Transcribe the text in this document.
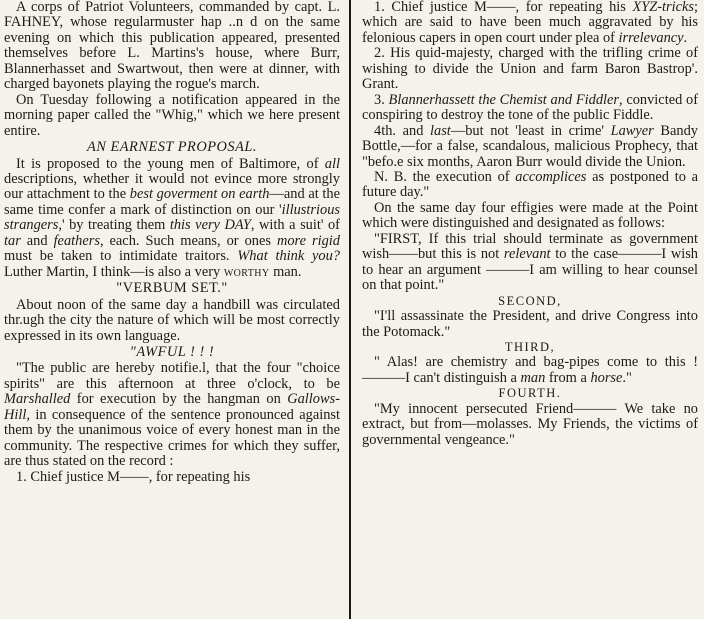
A corps of Patriot Volunteers, commanded by capt. L. FAHNEY, whose regularmuster hap ..n d on the same evening on which this publication appeared, presented themselves before L. Martins's house, where Burr, Blannerhasset and Swartwout, then were at dinner, with charged bayonets playing the rogue's march.

On Tuesday following a notification appeared in the morning paper called the "Whig," which we here present entire.

AN EARNEST PROPOSAL.

It is proposed to the young men of Baltimore, of all descriptions, whether it would not evince more strongly our attachment to the best goverment on earth—and at the same time confer a mark of distinction on our 'illustrious strangers,' by treating them this very DAY, with a suit' of tar and feathers, each. Such means, or ones more rigid must be taken to intimidate traitors. What think you? Luther Martin, I think—is also a very worthy man.

"VERBUM SET."

About noon of the same day a handbill was circulated thr.ugh the city the nature of which will be most correctly expressed in its own language.

"AWFUL ! ! !

"The public are hereby notifie.l, that the four "choice spirits" are this afternoon at three o'clock, to be Marshalled for execution by the hangman on Gallows-Hill, in consequence of the sentence pronounced against them by the unanimous voice of every honest man in the community. The respective crimes for which they suffer, are thus stated on the record :

1. Chief justice M——, for repeating his

1. Chief justice M——, for repeating his XYZ-tricks; which are said to have been much aggravated by his felonious capers in open court under plea of irrelevancy.

2. His quid-majesty, charged with the trifling crime of wishing to divide the Union and farm Baron Bastrop'. Grant.

3. Blannerhassett the Chemist and Fiddler, convicted of conspiring to destroy the tone of the public Fiddle.

4th. and last—but not 'least in crime' Lawyer Bandy Bottle,—for a false, scandalous, malicious Prophecy, that "befo.e six months, Aaron Burr would divide the Union.

N. B. the execution of accomplices as postponed to a future day."

On the same day four effigies were made at the Point which were distinguished and designated as follows:

"FIRST, If this trial should terminate as government wish——but this is not relevant to the case———I wish to hear an argument ———I am willing to hear counsel on that point."

SECOND,

"I'll assassinate the President, and drive Congress into the Potomack."

THIRD,

" Alas! are chemistry and bag-pipes come to this !———I can't distinguish a man from a horse."

FOURTH.

"My innocent persecuted Friend——— We take no extract, but from—molasses. My Friends, the victims of governmental vengeance."
